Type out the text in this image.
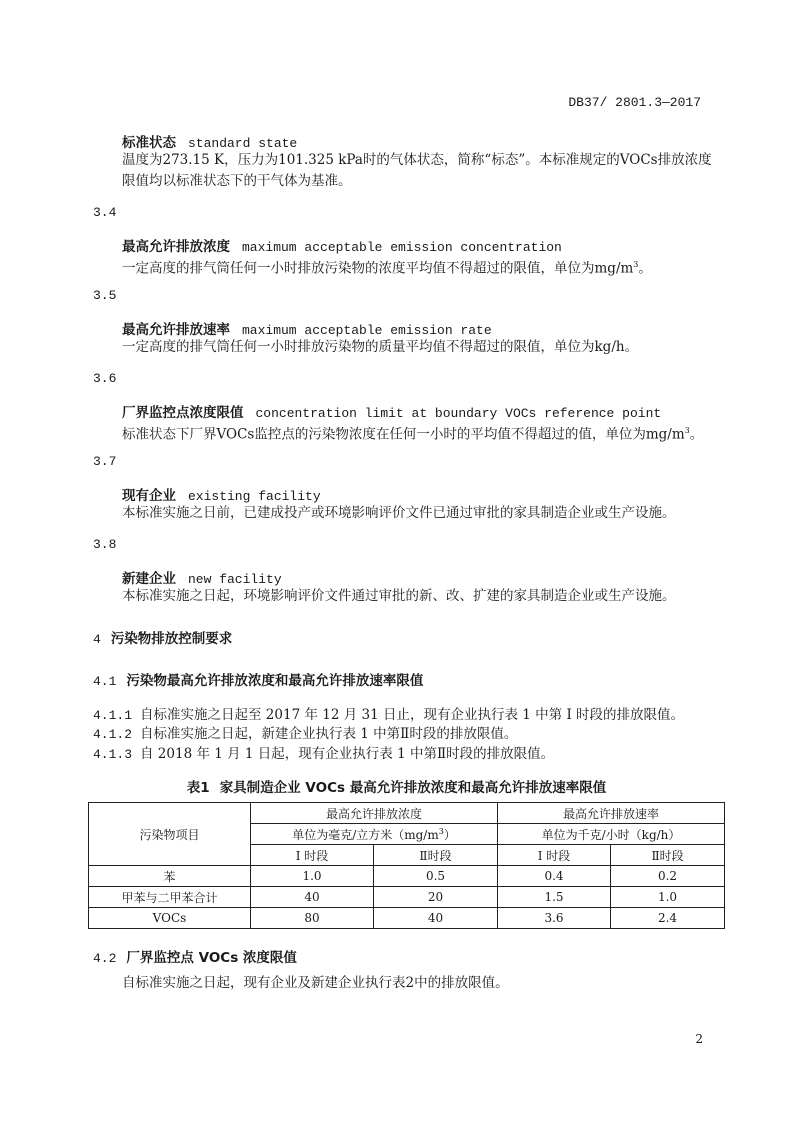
DB37/ 2801.3—2017
标准状态 standard state
温度为273.15 K，压力为101.325 kPa时的气体状态，简称“标态”。本标准规定的VOCs排放浓度
限值均以标准状态下的干气体为基准。
3.4
最高允许排放浓度 maximum acceptable emission concentration
一定高度的排气筒任何一小时排放污染物的浓度平均值不得超过的限值，单位为$mg/m^3$。
3.5
最高允许排放速率 maximum acceptable emission rate
一定高度的排气筒任何一小时排放污染物的质量平均值不得超过的限值，单位为kg/h。
3.6
厂界监控点浓度限值 concentration limit at boundary VOCs reference point
标准状态下厂界VOCs监控点的污染物浓度在任何一小时的平均值不得超过的值，单位为$mg/m^3$。
3.7
现有企业 existing facility
本标准实施之日前，已建成投产或环境影响评价文件已通过审批的家具制造企业或生产设施。
3.8
新建企业 new facility
本标准实施之日起，环境影响评价文件通过审批的新、改、扩建的家具制造企业或生产设施。
4 污染物排放控制要求
4.1 污染物最高允许排放浓度和最高允许排放速率限值
4.1.1 自标准实施之日起至 2017 年 12 月 31 日止，现有企业执行表 1 中第 I 时段的排放限值。
4.1.2 自标准实施之日起，新建企业执行表 1 中第Ⅱ时段的排放限值。
4.1.3 自 2018 年 1 月 1 日起，现有企业执行表 1 中第Ⅱ时段的排放限值。
表1 家具制造企业 VOCs 最高允许排放浓度和最高允许排放速率限值
污染物项目	最高允许排放浓度		最高允许排放速率	
	单位为毫克/立方米$(mg/m^3)$		单位为千克/小时（kg/h）	
	I 时段	Ⅱ时段	I 时段	Ⅱ时段
苯	1.0	0.5	0.4	0.2
甲苯与二甲苯合计	40	20	1.5	1.0
VOCs	80	40	3.6	2.4
4.2 厂界监控点 VOCs 浓度限值
自标准实施之日起，现有企业及新建企业执行表2中的排放限值。
2
